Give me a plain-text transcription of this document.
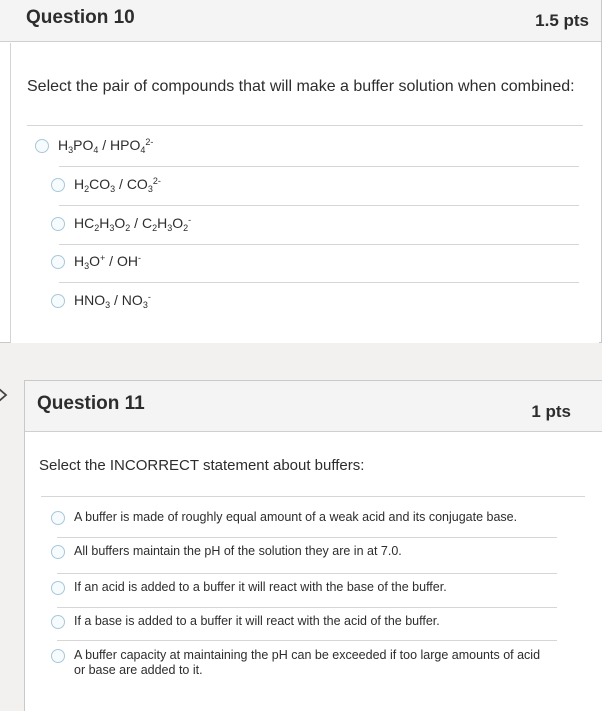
Question 10	1.5 pts
Select the pair of compounds that will make a buffer solution when combined:
$H_3PO_4 / HPO_4^{2-}$
$H_2CO_3 / CO_3^{2-}$
$HC_2H_3O_2 / C_2H_3O_2^-$
$H_3O^+ / OH^-$
$HNO_3 / NO_3^-$
Question 11	1 pts
Select the INCORRECT statement about buffers:
A buffer is made of roughly equal amount of a weak acid and its conjugate base.
All buffers maintain the pH of the solution they are in at 7.0.
If an acid is added to a buffer it will react with the base of the buffer.
If a base is added to a buffer it will react with the acid of the buffer.
A buffer capacity at maintaining the pH can be exceeded if too large amounts of acid or base are added to it.
